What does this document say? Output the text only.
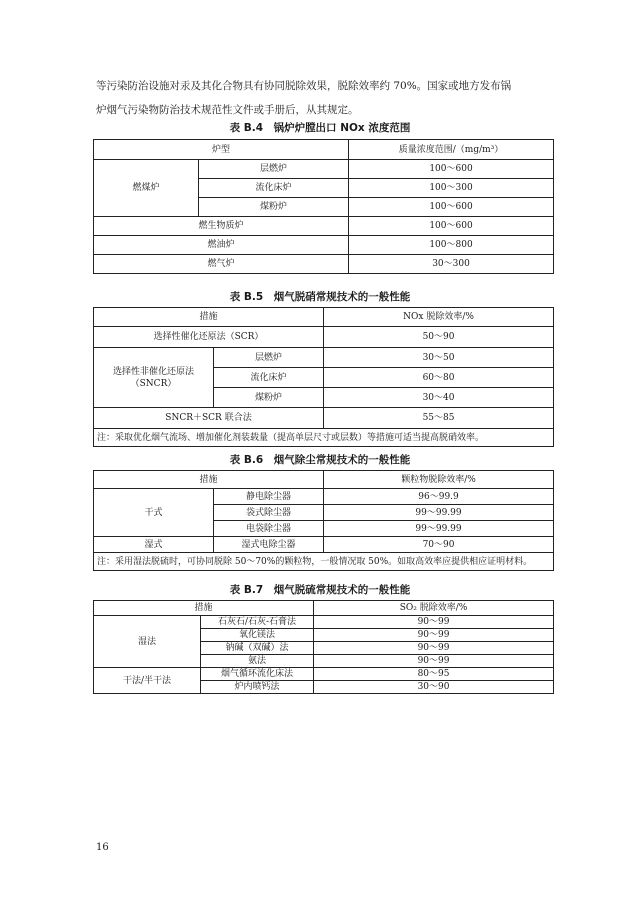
等污染防治设施对汞及其化合物具有协同脱除效果，脱除效率约 70%。国家或地方发布锅
炉烟气污染物防治技术规范性文件或手册后，从其规定。

表 B.4　锅炉炉膛出口 NOx 浓度范围

炉型		质量浓度范围/（mg/m³）
燃煤炉	层燃炉	100～600
	流化床炉	100～300
	煤粉炉	100～600
燃生物质炉		100～600
燃油炉		100～800
燃气炉		30～300

表 B.5　烟气脱硝常规技术的一般性能

措施		NOx 脱除效率/%
选择性催化还原法（SCR）		50～90
选择性非催化还原法（SNCR）	层燃炉	30～50
	流化床炉	60～80
	煤粉炉	30～40
SNCR＋SCR 联合法		55～85
注：采取优化烟气流场、增加催化剂装载量（提高单层尺寸或层数）等措施可适当提高脱硝效率。		

表 B.6　烟气除尘常规技术的一般性能

措施		颗粒物脱除效率/%
干式	静电除尘器	96～99.9
	袋式除尘器	99～99.99
	电袋除尘器	99～99.99
湿式	湿式电除尘器	70～90
注：采用湿法脱硫时，可协同脱除 50～70%的颗粒物，一般情况取 50%。如取高效率应提供相应证明材料。		

表 B.7　烟气脱硫常规技术的一般性能

措施		SO₂ 脱除效率/%
湿法	石灰石/石灰-石膏法	90～99
	氧化镁法	90～99
	钠碱（双碱）法	90～99
	氨法	90～99
干法/半干法	烟气循环流化床法	80～95
	炉内喷钙法	30～90
16
